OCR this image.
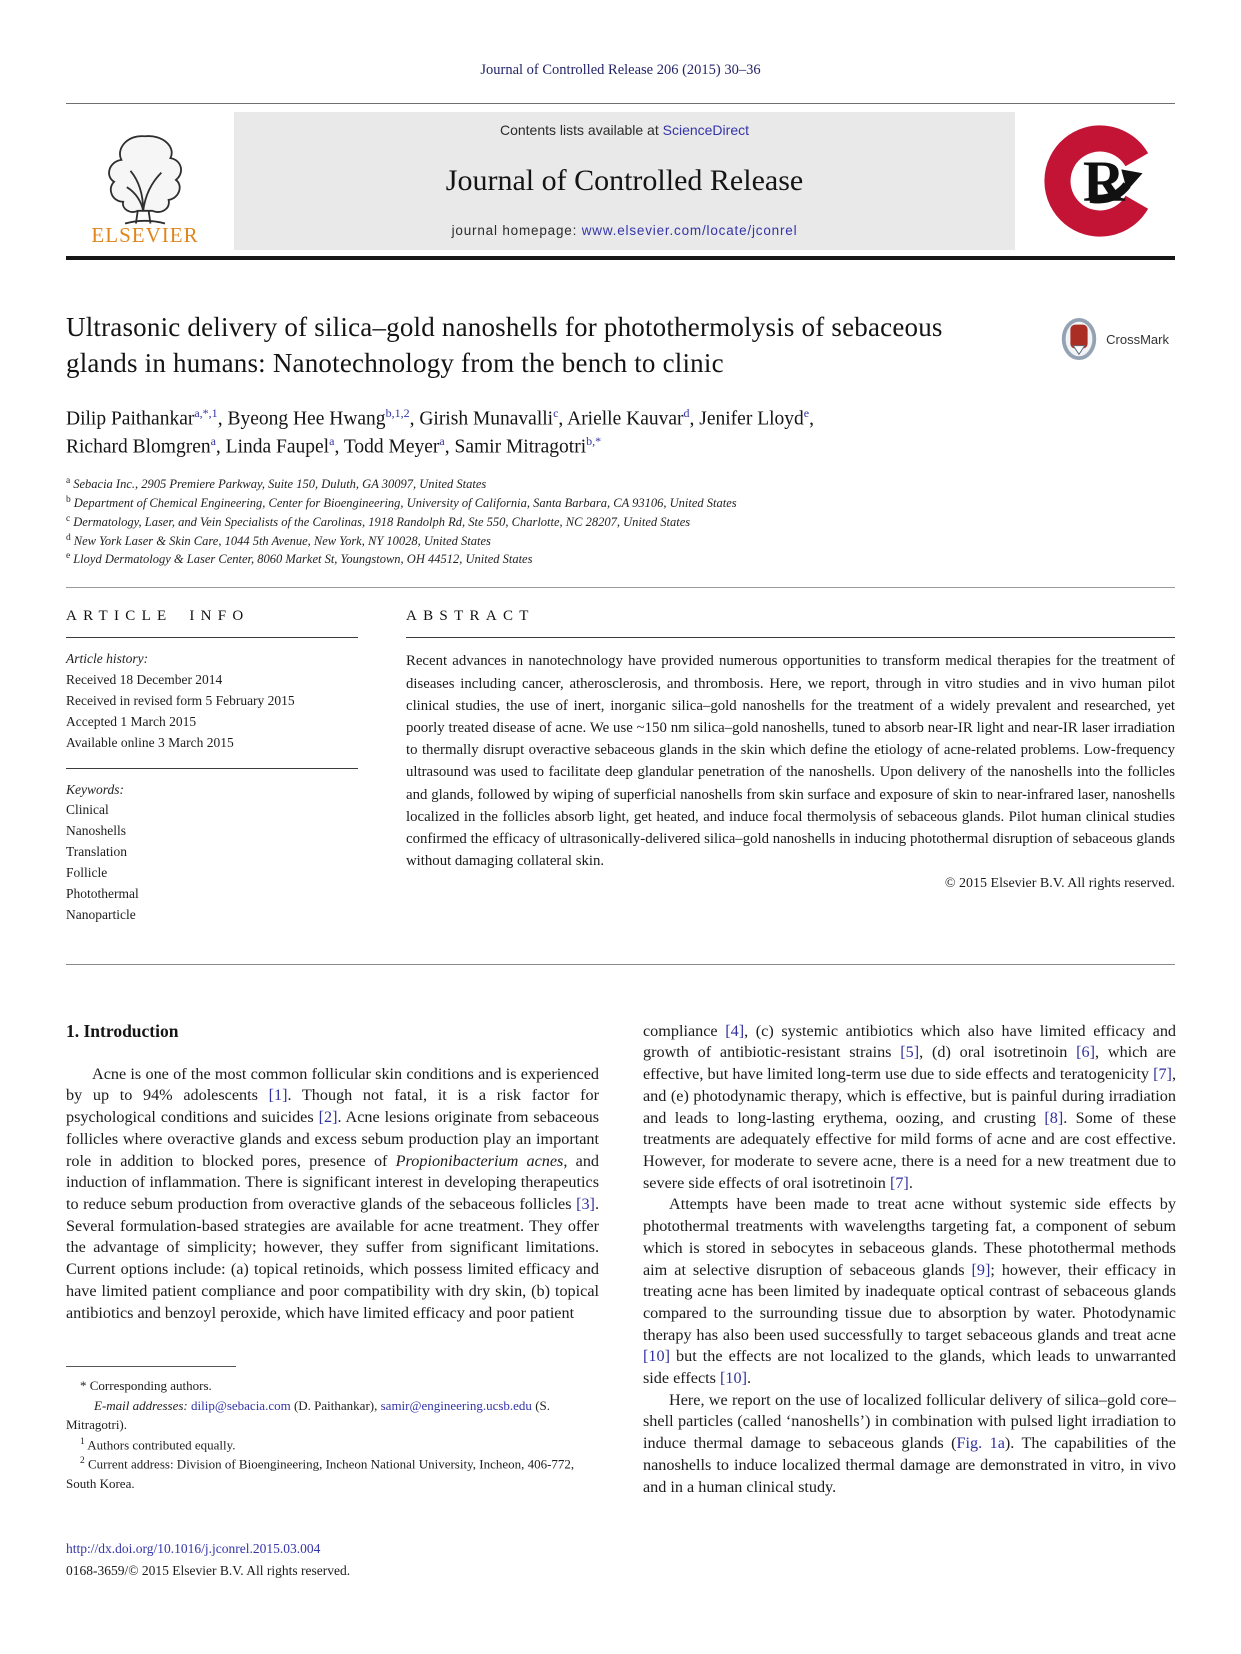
Journal of Controlled Release 206 (2015) 30–36
ELSEVIER
Contents lists available at ScienceDirect
Journal of Controlled Release
journal homepage: www.elsevier.com/locate/jconrel
R
Ultrasonic delivery of silica–gold nanoshells for photothermolysis of sebaceous glands in humans: Nanotechnology from the bench to clinic
CrossMark
Dilip Paithankar$^{a,*,1}$, Byeong Hee Hwang$^{b,1,2}$, Girish Munavalli$^c$, Arielle Kauvar$^d$, Jenifer Lloyd$^e$,
Richard Blomgren$^a$, Linda Faupel$^a$, Todd Meyer$^a$, Samir Mitragotri$^{b,*}$
$^a$ Sebacia Inc., 2905 Premiere Parkway, Suite 150, Duluth, GA 30097, United States
$^b$ Department of Chemical Engineering, Center for Bioengineering, University of California, Santa Barbara, CA 93106, United States
$^c$ Dermatology, Laser, and Vein Specialists of the Carolinas, 1918 Randolph Rd, Ste 550, Charlotte, NC 28207, United States
$^d$ New York Laser & Skin Care, 1044 5th Avenue, New York, NY 10028, United States
$^e$ Lloyd Dermatology & Laser Center, 8060 Market St, Youngstown, OH 44512, United States
ARTICLE INFO
Article history:
Received 18 December 2014
Received in revised form 5 February 2015
Accepted 1 March 2015
Available online 3 March 2015
Keywords:
Clinical
Nanoshells
Translation
Follicle
Photothermal
Nanoparticle
ABSTRACT
Recent advances in nanotechnology have provided numerous opportunities to transform medical therapies for the treatment of diseases including cancer, atherosclerosis, and thrombosis. Here, we report, through in vitro studies and in vivo human pilot clinical studies, the use of inert, inorganic silica–gold nanoshells for the treatment of a widely prevalent and researched, yet poorly treated disease of acne. We use ~150 nm silica–gold nanoshells, tuned to absorb near-IR light and near-IR laser irradiation to thermally disrupt overactive sebaceous glands in the skin which define the etiology of acne-related problems. Low-frequency ultrasound was used to facilitate deep glandular penetration of the nanoshells. Upon delivery of the nanoshells into the follicles and glands, followed by wiping of superficial nanoshells from skin surface and exposure of skin to near-infrared laser, nanoshells localized in the follicles absorb light, get heated, and induce focal thermolysis of sebaceous glands. Pilot human clinical studies confirmed the efficacy of ultrasonically-delivered silica–gold nanoshells in inducing photothermal disruption of sebaceous glands without damaging collateral skin.
© 2015 Elsevier B.V. All rights reserved.
1. Introduction

Acne is one of the most common follicular skin conditions and is experienced by up to 94% adolescents [1]. Though not fatal, it is a risk factor for psychological conditions and suicides [2]. Acne lesions originate from sebaceous follicles where overactive glands and excess sebum production play an important role in addition to blocked pores, presence of Propionibacterium acnes, and induction of inflammation. There is significant interest in developing therapeutics to reduce sebum production from overactive glands of the sebaceous follicles [3]. Several formulation-based strategies are available for acne treatment. They offer the advantage of simplicity; however, they suffer from significant limitations. Current options include: (a) topical retinoids, which possess limited efficacy and have limited patient compliance and poor compatibility with dry skin, (b) topical antibiotics and benzoyl peroxide, which have limited efficacy and poor patient

compliance [4], (c) systemic antibiotics which also have limited efficacy and growth of antibiotic-resistant strains [5], (d) oral isotretinoin [6], which are effective, but have limited long-term use due to side effects and teratogenicity [7], and (e) photodynamic therapy, which is effective, but is painful during irradiation and leads to long-lasting erythema, oozing, and crusting [8]. Some of these treatments are adequately effective for mild forms of acne and are cost effective. However, for moderate to severe acne, there is a need for a new treatment due to severe side effects of oral isotretinoin [7].

Attempts have been made to treat acne without systemic side effects by photothermal treatments with wavelengths targeting fat, a component of sebum which is stored in sebocytes in sebaceous glands. These photothermal methods aim at selective disruption of sebaceous glands [9]; however, their efficacy in treating acne has been limited by inadequate optical contrast of sebaceous glands compared to the surrounding tissue due to absorption by water. Photodynamic therapy has also been used successfully to target sebaceous glands and treat acne [10] but the effects are not localized to the glands, which leads to unwarranted side effects [10].

Here, we report on the use of localized follicular delivery of silica–gold core–shell particles (called ‘nanoshells’) in combination with pulsed light irradiation to induce thermal damage to sebaceous glands (Fig. 1a). The capabilities of the nanoshells to induce localized thermal damage are demonstrated in vitro, in vivo and in a human clinical study.

* Corresponding authors.
E-mail addresses: dilip@sebacia.com (D. Paithankar), samir@engineering.ucsb.edu (S. Mitragotri).
$^1$ Authors contributed equally.
$^2$ Current address: Division of Bioengineering, Incheon National University, Incheon, 406-772, South Korea.
http://dx.doi.org/10.1016/j.jconrel.2015.03.004
0168-3659/© 2015 Elsevier B.V. All rights reserved.
